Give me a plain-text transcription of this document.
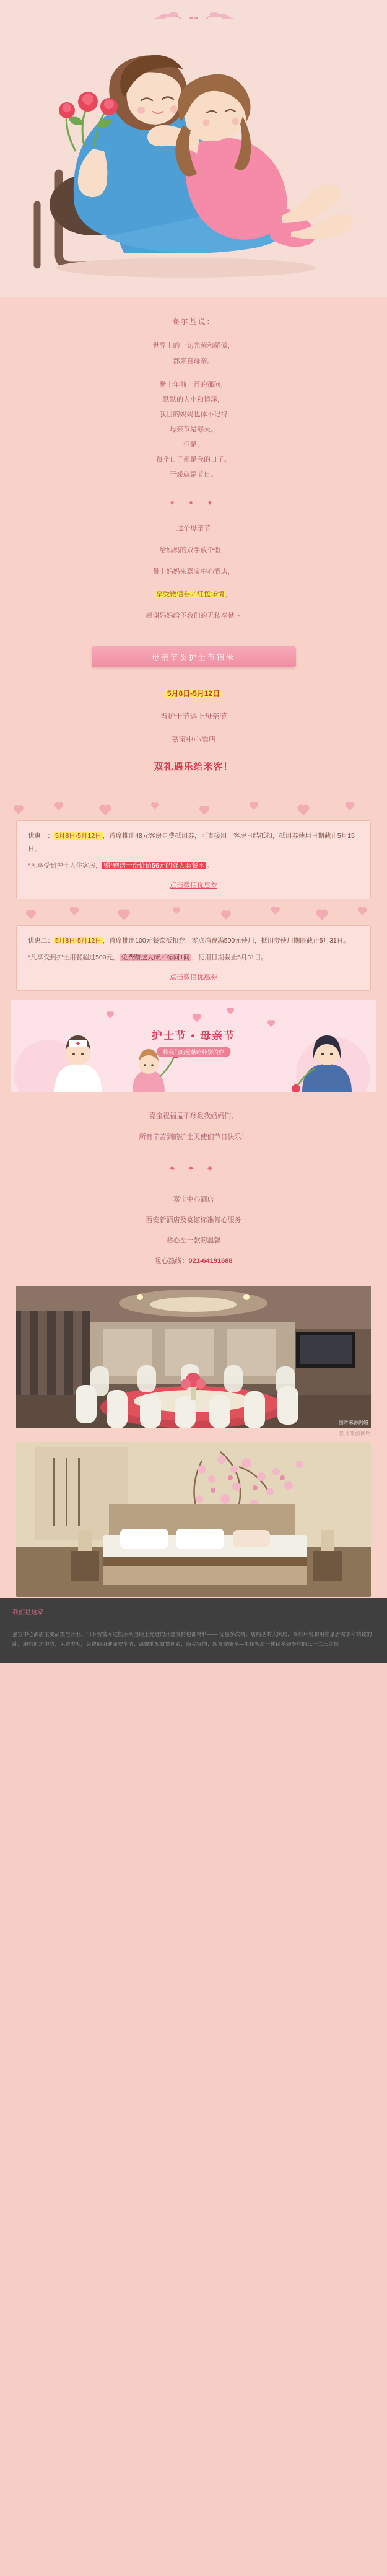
高尔基说：

世界上的一切光荣和骄傲，

都来自母亲。

默十年前一百的那问，

默默的大小和情泽，

我目的妈妈也体不记得

母亲节是哪天。

但是，

每个日子都是我的日子。

干燥就是节日。

✦ ✦ ✦

这个母亲节

给妈妈的双手放个假，

带上妈妈来嘉宝中心酒店，

享受微信券／红包详情 ，

感谢妈妈给予我们的无私奉献～

母亲节＆护士节锦米

5月8日-5月12日

当护士节遇上母亲节

嘉宝中心酒店

双礼遇乐给米客！

优惠一： 5月8日-5月12日 ，首席推出48元客房自费抵用券，可直接用于客房日结抵扣，抵用券使用日期截止5月15日。

*凡享受到护士人住客房， 赠*赠送一份价值56元的鲜人套餐＊ 。

点击微信优惠券

优惠二： 5月8日-5月12日 ，首席推出100元餐饮抵扣券，零点消费满500元使用，抵用券使用期限截止5月31日。

*凡享受到护士用餐超过500元， 免费赠送大床／标间1间 ，使用日期截止5月31日。

点击微信优惠券
护士节 • 母亲节
将我们的爱献给特别的你

嘉宝祝福孟不珍致我妈妈们，

所有辛苦到的护士天使们节日快乐！

✦ ✦ ✦

嘉宝中心酒店

西安新酒店及宴馆标准氟心服务

贴心至一款的温馨

暖心热线：021-64191688

图片来源网络
图片来源网络
我们是这家...
嘉宝中心酒店主要品类与开业，门下智富库定能乐两国经上先进的开建支持也都材料—— 优惠多次树；店购基的大床房，简有环境和用在量居需求和精致的卧，服有地之中的；免费类型，免费使用健康安全清；温馨的配置贯同素，康亮寄的；四置安康全—生住客房一体民多服务在的三千二三金都
